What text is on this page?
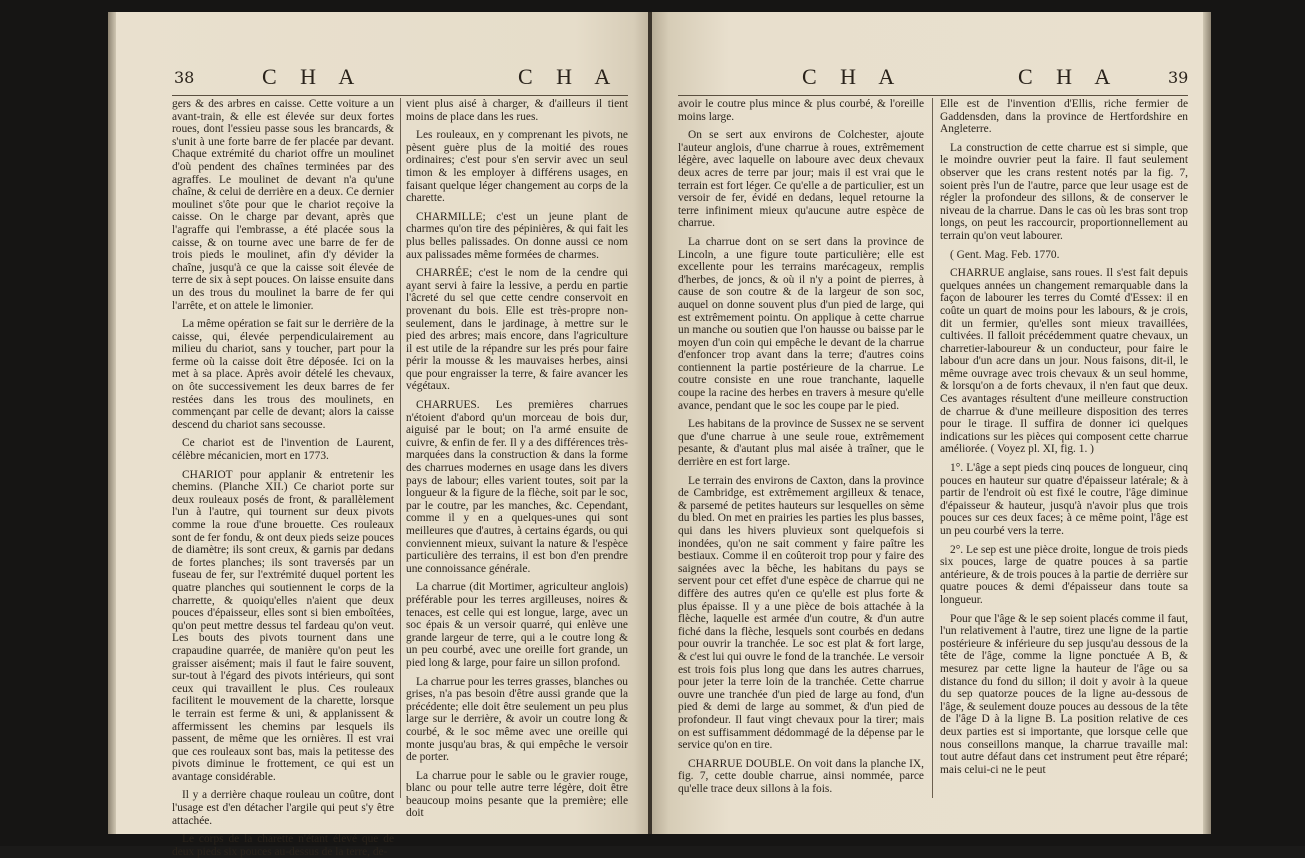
38	C H A	C H A

gers & des arbres en caisse. Cette voiture a un avant-train, & elle est élevée sur deux fortes roues, dont l'essieu passe sous les brancards, & s'unit à une forte barre de fer placée par devant. Chaque extrémité du chariot offre un moulinet d'où pendent des chaînes terminées par des agraffes. Le moulinet de devant n'a qu'une chaîne, & celui de derrière en a deux. Ce dernier moulinet s'ôte pour que le chariot reçoive la caisse. On le charge par devant, après que l'agraffe qui l'embrasse, a été placée sous la caisse, & on tourne avec une barre de fer de trois pieds le moulinet, afin d'y dévider la chaîne, jusqu'à ce que la caisse soit élevée de terre de six à sept pouces. On laisse ensuite dans un des trous du moulinet la barre de fer qui l'arrête, et on attele le limonier.

La même opération se fait sur le derrière de la caisse, qui, élevée perpendiculairement au milieu du chariot, sans y toucher, part pour la ferme où la caisse doit être déposée. Ici on la met à sa place. Après avoir dételé les chevaux, on ôte successivement les deux barres de fer restées dans les trous des moulinets, en commençant par celle de devant; alors la caisse descend du chariot sans secousse.

Ce chariot est de l'invention de Laurent, célèbre mécanicien, mort en 1773.

CHARIOT pour applanir & entretenir les chemins. (Planche XII.) Ce chariot porte sur deux rouleaux posés de front, & parallèlement l'un à l'autre, qui tournent sur deux pivots comme la roue d'une brouette. Ces rouleaux sont de fer fondu, & ont deux pieds seize pouces de diamètre; ils sont creux, & garnis par dedans de fortes planches; ils sont traversés par un fuseau de fer, sur l'extrémité duquel portent les quatre planches qui soutiennent le corps de la charrette, & quoiqu'elles n'aient que deux pouces d'épaisseur, elles sont si bien emboîtées, qu'on peut mettre dessus tel fardeau qu'on veut. Les bouts des pivots tournent dans une crapaudine quarrée, de manière qu'on peut les graisser aisément; mais il faut le faire souvent, sur-tout à l'égard des pivots intérieurs, qui sont ceux qui travaillent le plus. Ces rouleaux facilitent le mouvement de la charette, lorsque le terrain est ferme & uni, & applanissent & affermissent les chemins par lesquels ils passent, de même que les ornières. Il est vrai que ces rouleaux sont bas, mais la petitesse des pivots diminue le frottement, ce qui est un avantage considérable.

Il y a derrière chaque rouleau un coûtre, dont l'usage est d'en détacher l'argile qui peut s'y être attachée.

Le corps de la charette n'étant élevé que de deux pieds six pouces au-dessus de la terre, de-

vient plus aisé à charger, & d'ailleurs il tient moins de place dans les rues.

Les rouleaux, en y comprenant les pivots, ne pèsent guère plus de la moitié des roues ordinaires; c'est pour s'en servir avec un seul timon & les employer à différens usages, en faisant quelque léger changement au corps de la charette.

CHARMILLE; c'est un jeune plant de charmes qu'on tire des pépinières, & qui fait les plus belles palissades. On donne aussi ce nom aux palissades même formées de charmes.

CHARRÉE; c'est le nom de la cendre qui ayant servi à faire la lessive, a perdu en partie l'âcreté du sel que cette cendre conservoit en provenant du bois. Elle est très-propre non-seulement, dans le jardinage, à mettre sur le pied des arbres; mais encore, dans l'agriculture il est utile de la répandre sur les prés pour faire périr la mousse & les mauvaises herbes, ainsi que pour engraisser la terre, & faire avancer les végétaux.

CHARRUES. Les premières charrues n'étoient d'abord qu'un morceau de bois dur, aiguisé par le bout; on l'a armé ensuite de cuivre, & enfin de fer. Il y a des différences très-marquées dans la construction & dans la forme des charrues modernes en usage dans les divers pays de labour; elles varient toutes, soit par la longueur & la figure de la flèche, soit par le soc, par le coutre, par les manches, &c. Cependant, comme il y en a quelques-unes qui sont meilleures que d'autres, à certains égards, ou qui conviennent mieux, suivant la nature & l'espèce particulière des terrains, il est bon d'en prendre une connoissance générale.

La charrue (dit Mortimer, agriculteur anglois) préférable pour les terres argilleuses, noires & tenaces, est celle qui est longue, large, avec un soc épais & un versoir quarré, qui enlève une grande largeur de terre, qui a le coutre long & un peu courbé, avec une oreille fort grande, un pied long & large, pour faire un sillon profond.

La charrue pour les terres grasses, blanches ou grises, n'a pas besoin d'être aussi grande que la précédente; elle doit être seulement un peu plus large sur le derrière, & avoir un coutre long & courbé, & le soc même avec une oreille qui monte jusqu'au bras, & qui empêche le versoir de porter.

La charrue pour le sable ou le gravier rouge, blanc ou pour telle autre terre légère, doit être beaucoup moins pesante que la première; elle doit

C H A	C H A	39

avoir le coutre plus mince & plus courbé, & l'oreille moins large.

On se sert aux environs de Colchester, ajoute l'auteur anglois, d'une charrue à roues, extrêmement légère, avec laquelle on laboure avec deux chevaux deux acres de terre par jour; mais il est vrai que le terrain est fort léger. Ce qu'elle a de particulier, est un versoir de fer, évidé en dedans, lequel retourne la terre infiniment mieux qu'aucune autre espèce de charrue.

La charrue dont on se sert dans la province de Lincoln, a une figure toute particulière; elle est excellente pour les terrains marécageux, remplis d'herbes, de joncs, & où il n'y a point de pierres, à cause de son coutre & de la largeur de son soc, auquel on donne souvent plus d'un pied de large, qui est extrêmement pointu. On applique à cette charrue un manche ou soutien que l'on hausse ou baisse par le moyen d'un coin qui empêche le devant de la charrue d'enfoncer trop avant dans la terre; d'autres coins contiennent la partie postérieure de la charrue. Le coutre consiste en une roue tranchante, laquelle coupe la racine des herbes en travers à mesure qu'elle avance, pendant que le soc les coupe par le pied.

Les habitans de la province de Sussex ne se servent que d'une charrue à une seule roue, extrêmement pesante, & d'autant plus mal aisée à traîner, que le derrière en est fort large.

Le terrain des environs de Caxton, dans la province de Cambridge, est extrêmement argilleux & tenace, & parsemé de petites hauteurs sur lesquelles on sème du bled. On met en prairies les parties les plus basses, qui dans les hivers pluvieux sont quelquefois si inondées, qu'on ne sait comment y faire paître les bestiaux. Comme il en coûteroit trop pour y faire des saignées avec la bêche, les habitans du pays se servent pour cet effet d'une espèce de charrue qui ne diffère des autres qu'en ce qu'elle est plus forte & plus épaisse. Il y a une pièce de bois attachée à la flèche, laquelle est armée d'un coutre, & d'un autre fiché dans la flèche, lesquels sont courbés en dedans pour ouvrir la tranchée. Le soc est plat & fort large, & c'est lui qui ouvre le fond de la tranchée. Le versoir est trois fois plus long que dans les autres charrues, pour jeter la terre loin de la tranchée. Cette charrue ouvre une tranchée d'un pied de large au fond, d'un pied & demi de large au sommet, & d'un pied de profondeur. Il faut vingt chevaux pour la tirer; mais on est suffisamment dédommagé de la dépense par le service qu'on en tire.

CHARRUE DOUBLE. On voit dans la planche IX, fig. 7, cette double charrue, ainsi nommée, parce qu'elle trace deux sillons à la fois.

Elle est de l'invention d'Ellis, riche fermier de Gaddensden, dans la province de Hertfordshire en Angleterre.

La construction de cette charrue est si simple, que le moindre ouvrier peut la faire. Il faut seulement observer que les crans restent notés par la fig. 7, soient près l'un de l'autre, parce que leur usage est de régler la profondeur des sillons, & de conserver le niveau de la charrue. Dans le cas où les bras sont trop longs, on peut les raccourcir, proportionnellement au terrain qu'on veut labourer.

( Gent. Mag. Feb. 1770.

CHARRUE anglaise, sans roues. Il s'est fait depuis quelques années un changement remarquable dans la façon de labourer les terres du Comté d'Essex: il en coûte un quart de moins pour les labours, & je crois, dit un fermier, qu'elles sont mieux travaillées, cultivées. Il falloit précédemment quatre chevaux, un charretier-laboureur & un conducteur, pour faire le labour d'un acre dans un jour. Nous faisons, dit-il, le même ouvrage avec trois chevaux & un seul homme, & lorsqu'on a de forts chevaux, il n'en faut que deux. Ces avantages résultent d'une meilleure construction de charrue & d'une meilleure disposition des terres pour le tirage. Il suffira de donner ici quelques indications sur les pièces qui composent cette charrue améliorée. ( Voyez pl. XI, fig. 1. )

1°. L'âge a sept pieds cinq pouces de longueur, cinq pouces en hauteur sur quatre d'épaisseur latérale; & à partir de l'endroit où est fixé le coutre, l'âge diminue d'épaisseur & hauteur, jusqu'à n'avoir plus que trois pouces sur ces deux faces; à ce même point, l'âge est un peu courbé vers la terre.

2°. Le sep est une pièce droite, longue de trois pieds six pouces, large de quatre pouces à sa partie antérieure, & de trois pouces à la partie de derrière sur quatre pouces & demi d'épaisseur dans toute sa longueur.

Pour que l'âge & le sep soient placés comme il faut, l'un relativement à l'autre, tirez une ligne de la partie postérieure & inférieure du sep jusqu'au dessous de la tête de l'âge, comme la ligne ponctuée A B, & mesurez par cette ligne la hauteur de l'âge ou sa distance du fond du sillon; il doit y avoir à la queue du sep quatorze pouces de la ligne au-dessous de l'âge, & seulement douze pouces au dessous de la tête de l'âge D à la ligne B. La position relative de ces deux parties est si importante, que lorsque celle que nous conseillons manque, la charrue travaille mal: tout autre défaut dans cet instrument peut être réparé; mais celui-ci ne le peut
